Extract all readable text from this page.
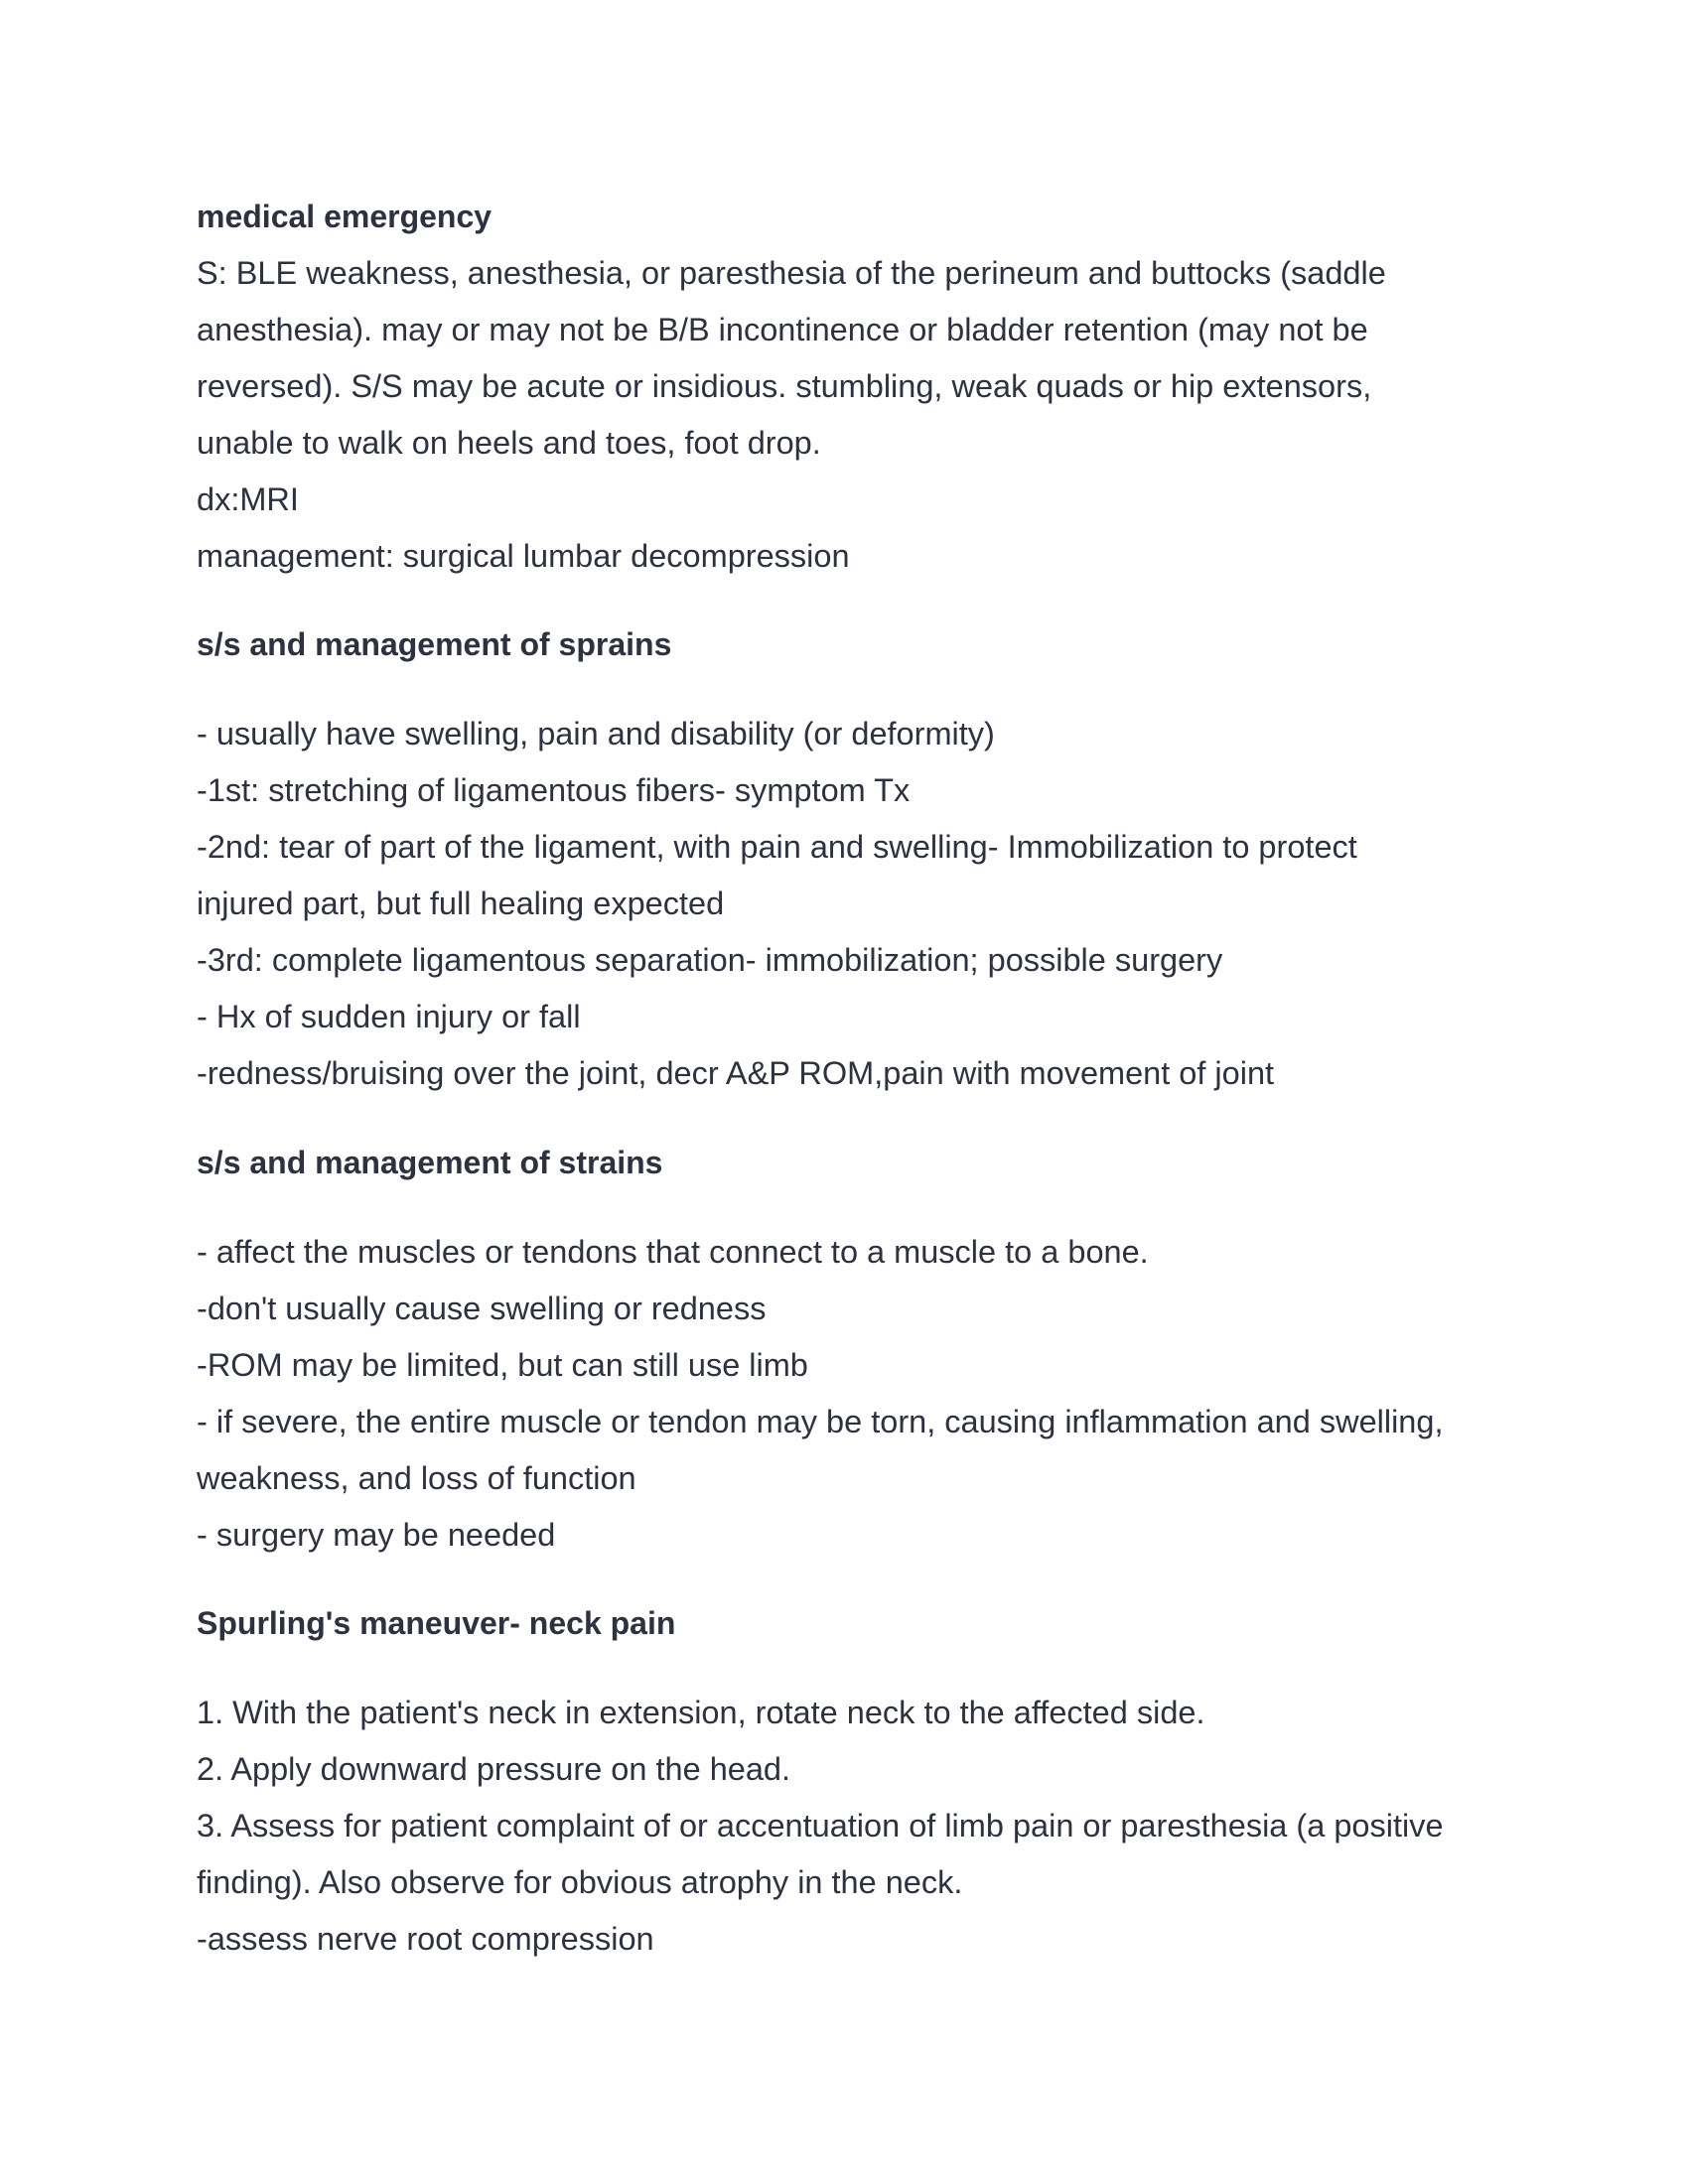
medical emergency
S: BLE weakness, anesthesia, or paresthesia of the perineum and buttocks (saddle
anesthesia). may or may not be B/B incontinence or bladder retention (may not be
reversed). S/S may be acute or insidious. stumbling, weak quads or hip extensors,
unable to walk on heels and toes, foot drop.
dx:MRI
management: surgical lumbar decompression
s/s and management of sprains
- usually have swelling, pain and disability (or deformity)
-1st: stretching of ligamentous fibers- symptom Tx
-2nd: tear of part of the ligament, with pain and swelling- Immobilization to protect
injured part, but full healing expected
-3rd: complete ligamentous separation- immobilization; possible surgery
- Hx of sudden injury or fall
-redness/bruising over the joint, decr A&P ROM,pain with movement of joint
s/s and management of strains
- affect the muscles or tendons that connect to a muscle to a bone.
-don't usually cause swelling or redness
-ROM may be limited, but can still use limb
- if severe, the entire muscle or tendon may be torn, causing inflammation and swelling,
weakness, and loss of function
- surgery may be needed
Spurling's maneuver- neck pain
1. With the patient's neck in extension, rotate neck to the affected side.
2. Apply downward pressure on the head.
3. Assess for patient complaint of or accentuation of limb pain or paresthesia (a positive
finding). Also observe for obvious atrophy in the neck.
-assess nerve root compression
